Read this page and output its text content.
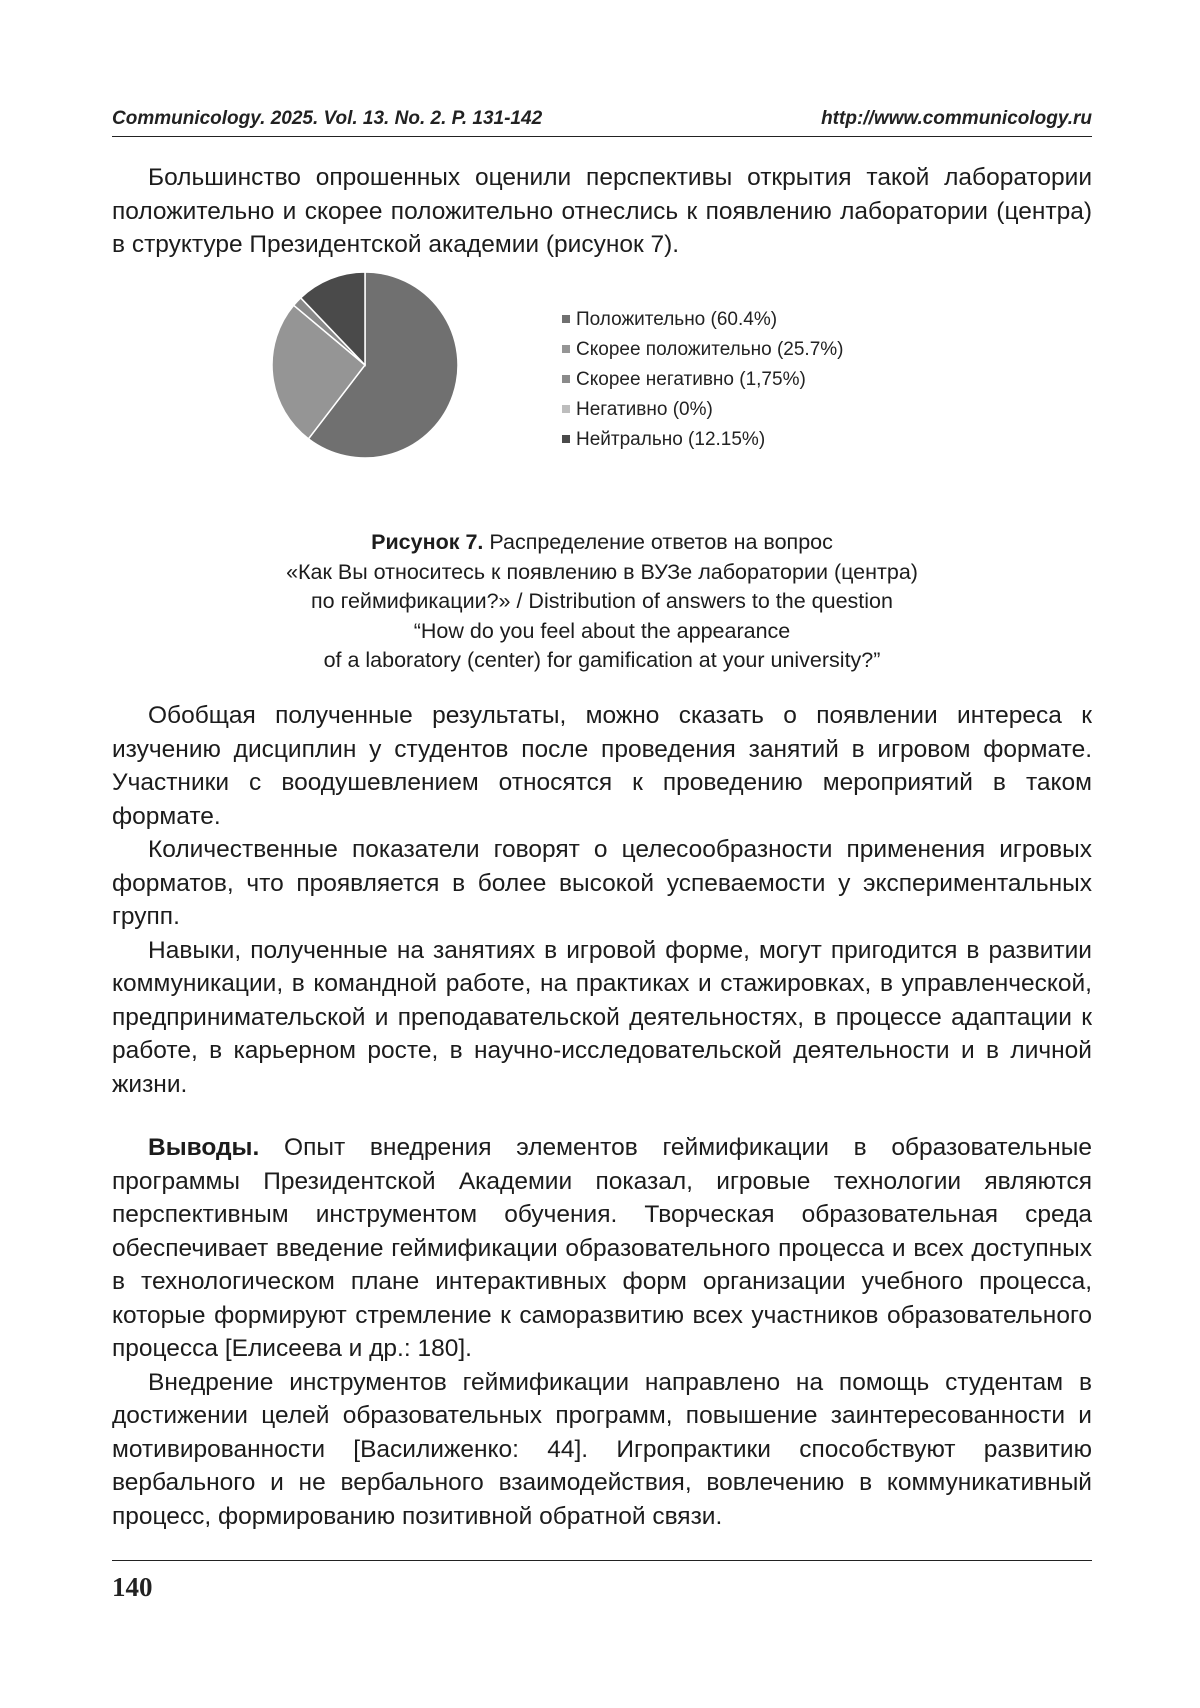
Communicology. 2025. Vol. 13. No. 2. P. 131-142	http://www.communicology.ru

Большинство опрошенных оценили перспективы открытия такой лаборатории положительно и скорее положительно отнеслись к появлению лаборатории (центра) в структуре Президентской академии (рисунок 7).

Положительно (60.4%)
Скорее положительно (25.7%)
Скорее негативно (1,75%)
Негативно (0%)
Нейтрально (12.15%)
Рисунок 7. Распределение ответов на вопрос
«Как Вы относитесь к появлению в ВУЗе лаборатории (центра)
по геймификации?» / Distribution of answers to the question
“How do you feel about the appearance
of a laboratory (center) for gamification at your university?”

Обобщая полученные результаты, можно сказать о появлении интереса к изучению дисциплин у студентов после проведения занятий в игровом формате. Участники с воодушевлением относятся к проведению мероприятий в таком формате.

Количественные показатели говорят о целесообразности применения игровых форматов, что проявляется в более высокой успеваемости у экспериментальных групп.

Навыки, полученные на занятиях в игровой форме, могут пригодится в развитии коммуникации, в командной работе, на практиках и стажировках, в управленческой, предпринимательской и преподавательской деятельностях, в процессе адаптации к работе, в карьерном росте, в научно-исследовательской деятельности и в личной жизни.

Выводы. Опыт внедрения элементов геймификации в образовательные программы Президентской Академии показал, игровые технологии являются перспективным инструментом обучения. Творческая образовательная среда обеспечивает введение геймификации образовательного процесса и всех доступных в технологическом плане интерактивных форм организации учебного процесса, которые формируют стремление к саморазвитию всех участников образовательного процесса [Елисеева и др.: 180].

Внедрение инструментов геймификации направлено на помощь студентам в достижении целей образовательных программ, повышение заинтересованности и мотивированности [Василиженко: 44]. Игропрактики способствуют развитию вербального и не вербального взаимодействия, вовлечению в коммуникативный процесс, формированию позитивной обратной связи.

140
